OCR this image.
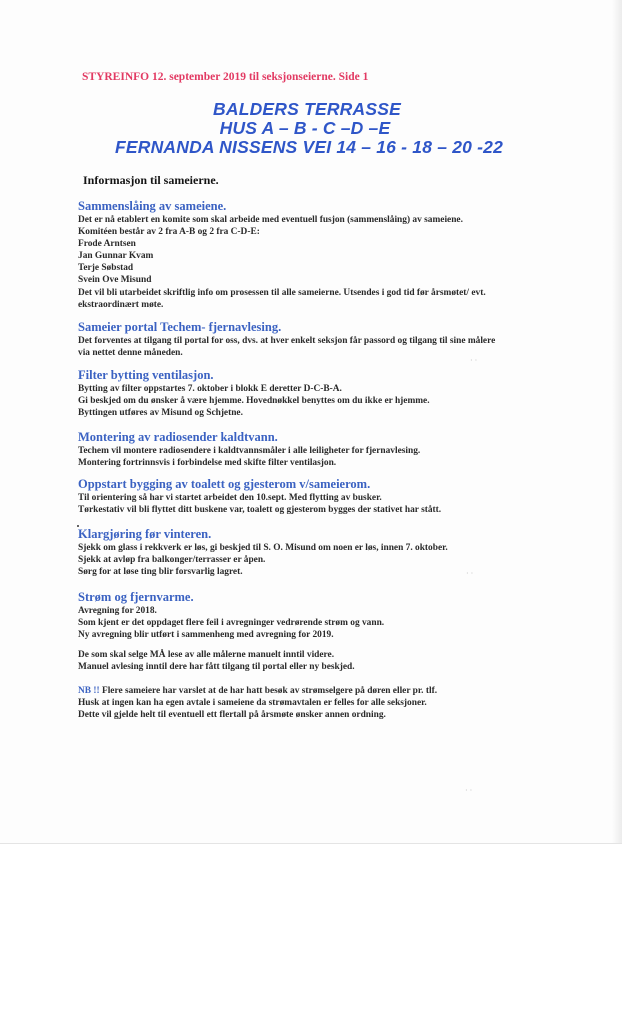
STYREINFO 12. september 2019 til seksjonseierne. Side 1
BALDERS TERRASSE
HUS A – B - C –D –E
FERNANDA NISSENS VEI 14 – 16 - 18 – 20 -22
Informasjon til sameierne.
Sammenslåing av sameiene.
Det er nå etablert en komite som skal arbeide med eventuell fusjon (sammenslåing) av sameiene.
Komitéen består av 2 fra A-B og 2 fra C-D-E:
Frode Arntsen
Jan Gunnar Kvam
Terje Søbstad
Svein Ove Misund
Det vil bli utarbeidet skriftlig info om prosessen til alle sameierne. Utsendes i god tid før årsmøtet/ evt.
ekstraordinært møte.
Sameier portal Techem- fjernavlesing.
Det forventes at tilgang til portal for oss, dvs. at hver enkelt seksjon får passord og tilgang til sine målere
via nettet denne måneden.
Filter bytting ventilasjon.
Bytting av filter oppstartes 7. oktober i blokk E deretter D-C-B-A.
Gi beskjed om du ønsker å være hjemme. Hovednøkkel benyttes om du ikke er hjemme.
Byttingen utføres av Misund og Schjetne.
Montering av radiosender kaldtvann.
Techem vil montere radiosendere i kaldtvannsmåler i alle leiligheter for fjernavlesing.
Montering fortrinnsvis i forbindelse med skifte filter ventilasjon.
Oppstart bygging av toalett og gjesterom v/sameierom.
Til orientering så har vi startet arbeidet den 10.sept. Med flytting av busker.
Tørkestativ vil bli flyttet ditt buskene var, toalett og gjesterom bygges der stativet har stått.
Klargjøring før vinteren.
Sjekk om glass i rekkverk er løs, gi beskjed til S. O. Misund om noen er løs, innen 7. oktober.
Sjekk at avløp fra balkonger/terrasser er åpen.
Sørg for at løse ting blir forsvarlig lagret.
Strøm og fjernvarme.
Avregning for 2018.
Som kjent er det oppdaget flere feil i avregninger vedrørende strøm og vann.
Ny avregning blir utført i sammenheng med avregning for 2019.
De som skal selge MÅ lese av alle målerne manuelt inntil videre.
Manuel avlesing inntil dere har fått tilgang til portal eller ny beskjed.
NB !! Flere sameiere har varslet at de har hatt besøk av strømselgere på døren eller pr. tlf.
Husk at ingen kan ha egen avtale i sameiene da strømavtalen er felles for alle seksjoner.
Dette vil gjelde helt til eventuell ett flertall på årsmøte ønsker annen ordning.
· ·
· ·
· ·
